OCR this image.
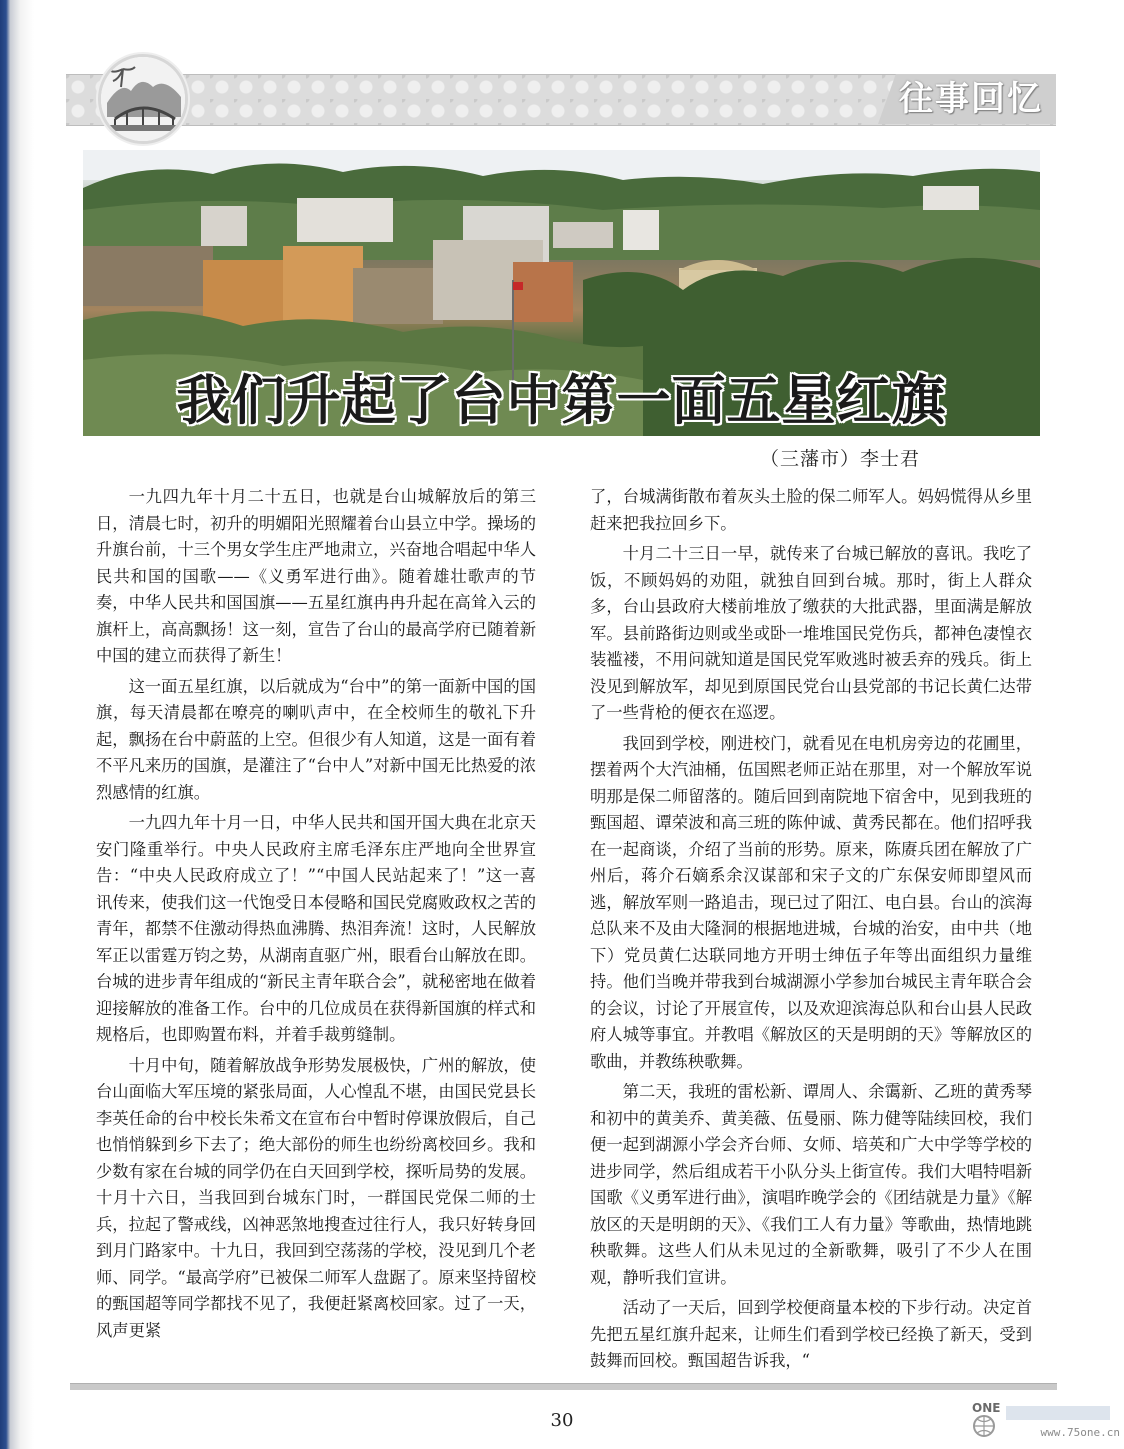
往事回忆
我们升起了台中第一面五星红旗
（三藩市）李士君

一九四九年十月二十五日，也就是台山城解放后的第三日，清晨七时，初升的明媚阳光照耀着台山县立中学。操场的升旗台前，十三个男女学生庄严地肃立，兴奋地合唱起中华人民共和国的国歌——《义勇军进行曲》。随着雄壮歌声的节奏，中华人民共和国国旗——五星红旗冉冉升起在高耸入云的旗杆上，高高飘扬！这一刻，宣告了台山的最高学府已随着新中国的建立而获得了新生！

这一面五星红旗，以后就成为“台中”的第一面新中国的国旗，每天清晨都在嘹亮的喇叭声中，在全校师生的敬礼下升起，飘扬在台中蔚蓝的上空。但很少有人知道，这是一面有着不平凡来历的国旗，是灌注了“台中人”对新中国无比热爱的浓烈感情的红旗。

一九四九年十月一日，中华人民共和国开国大典在北京天安门隆重举行。中央人民政府主席毛泽东庄严地向全世界宣告：“中央人民政府成立了！”“中国人民站起来了！”这一喜讯传来，使我们这一代饱受日本侵略和国民党腐败政权之苦的青年，都禁不住激动得热血沸腾、热泪奔流！这时，人民解放军正以雷霆万钧之势，从湖南直驱广州，眼看台山解放在即。台城的进步青年组成的“新民主青年联合会”，就秘密地在做着迎接解放的准备工作。台中的几位成员在获得新国旗的样式和规格后，也即购置布料，并着手裁剪缝制。

十月中旬，随着解放战争形势发展极快，广州的解放，使台山面临大军压境的紧张局面，人心惶乱不堪，由国民党县长李英任命的台中校长朱希文在宣布台中暂时停课放假后，自己也悄悄躲到乡下去了；绝大部份的师生也纷纷离校回乡。我和少数有家在台城的同学仍在白天回到学校，探听局势的发展。十月十六日，当我回到台城东门时，一群国民党保二师的士兵，拉起了警戒线，凶神恶煞地搜查过往行人，我只好转身回到月门路家中。十九日，我回到空荡荡的学校，没见到几个老师、同学。“最高学府”已被保二师军人盘踞了。原来坚持留校的甄国超等同学都找不见了，我便赶紧离校回家。过了一天，风声更紧

了，台城满街散布着灰头土脸的保二师军人。妈妈慌得从乡里赶来把我拉回乡下。

十月二十三日一早，就传来了台城已解放的喜讯。我吃了饭，不顾妈妈的劝阻，就独自回到台城。那时，街上人群众多，台山县政府大楼前堆放了缴获的大批武器，里面满是解放军。县前路街边则或坐或卧一堆堆国民党伤兵，都神色凄惶衣装褴褛，不用问就知道是国民党军败逃时被丢弃的残兵。街上没见到解放军，却见到原国民党台山县党部的书记长黄仁达带了一些背枪的便衣在巡逻。

我回到学校，刚进校门，就看见在电机房旁边的花圃里，摆着两个大汽油桶，伍国熙老师正站在那里，对一个解放军说明那是保二师留落的。随后回到南院地下宿舍中，见到我班的甄国超、谭荣波和高三班的陈仲诚、黄秀民都在。他们招呼我在一起商谈，介绍了当前的形势。原来，陈赓兵团在解放了广州后，蒋介石嫡系余汉谋部和宋子文的广东保安师即望风而逃，解放军则一路追击，现已过了阳江、电白县。台山的滨海总队来不及由大隆洞的根据地进城，台城的治安，由中共（地下）党员黄仁达联同地方开明士绅伍子年等出面组织力量维持。他们当晚并带我到台城湖源小学参加台城民主青年联合会的会议，讨论了开展宣传，以及欢迎滨海总队和台山县人民政府人城等事宜。并教唱《解放区的天是明朗的天》等解放区的歌曲，并教练秧歌舞。

第二天，我班的雷松新、谭周人、余霭新、乙班的黄秀琴和初中的黄美乔、黄美薇、伍曼丽、陈力健等陆续回校，我们便一起到湖源小学会齐台师、女师、培英和广大中学等学校的进步同学，然后组成若干小队分头上街宣传。我们大唱特唱新国歌《义勇军进行曲》，演唱昨晚学会的《团结就是力量》《解放区的天是明朗的天》、《我们工人有力量》等歌曲，热情地跳秧歌舞。这些人们从未见过的全新歌舞，吸引了不少人在围观，静听我们宣讲。

活动了一天后，回到学校便商量本校的下步行动。决定首先把五星红旗升起来，让师生们看到学校已经换了新天，受到鼓舞而回校。甄国超告诉我，“

30
ONE
www.75one.cn
